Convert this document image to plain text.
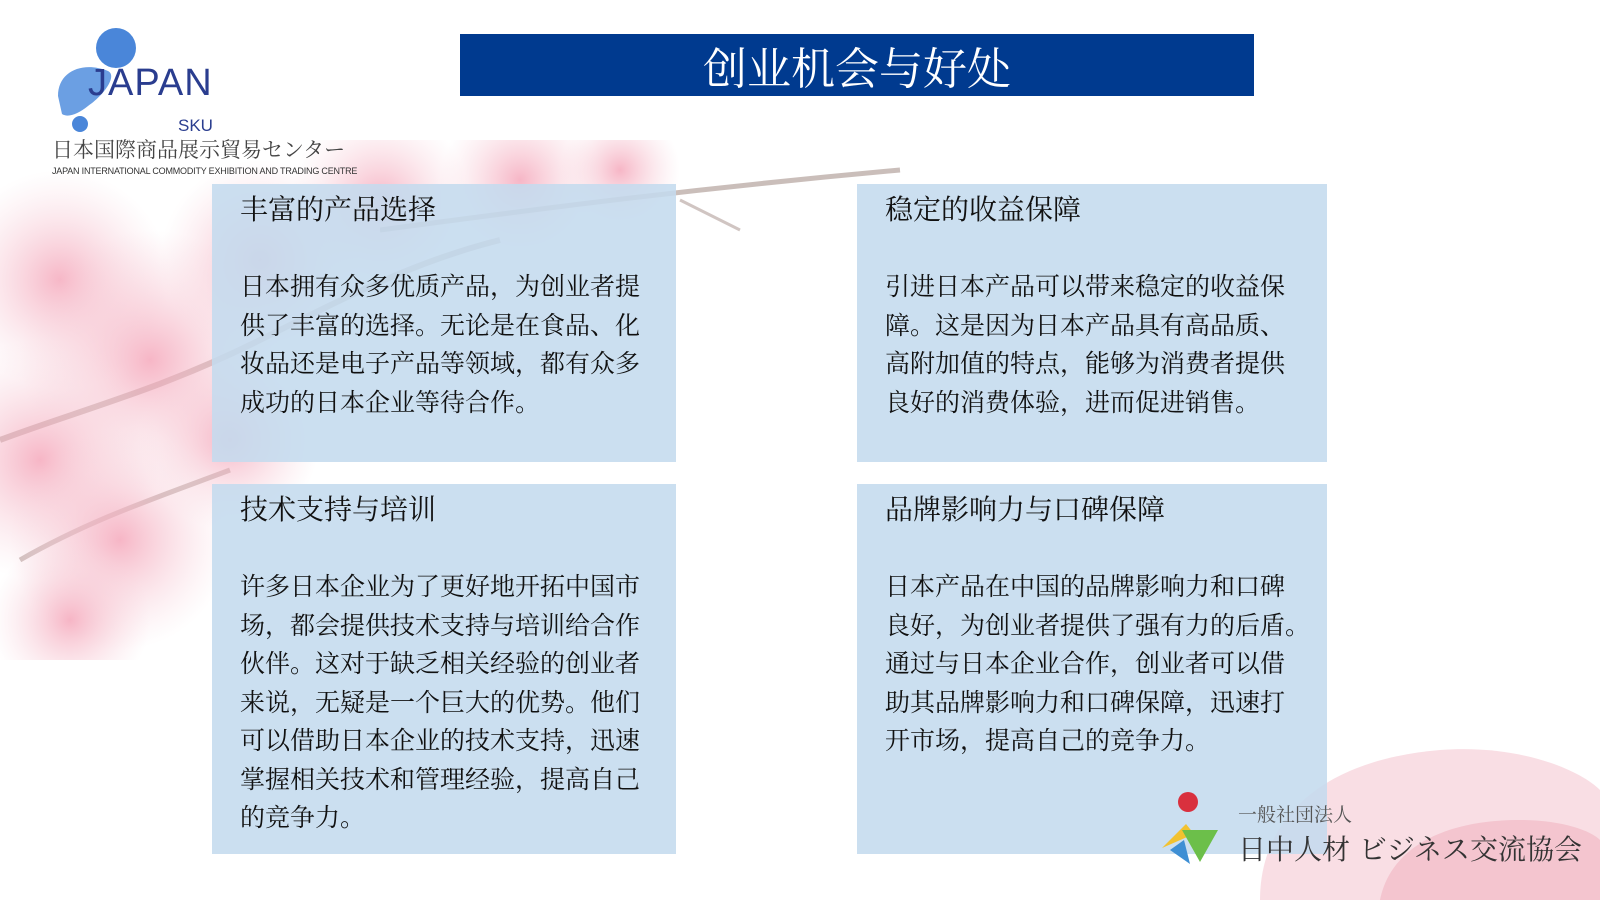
JAPAN
SKU
日本国際商品展示貿易センター
JAPAN INTERNATIONAL COMMODITY EXHIBITION AND TRADING CENTRE
创业机会与好处
丰富的产品选择

日本拥有众多优质产品，为创业者提
供了丰富的选择。无论是在食品、化
妆品还是电子产品等领域，都有众多
成功的日本企业等待合作。

稳定的收益保障

引进日本产品可以带来稳定的收益保
障。这是因为日本产品具有高品质、
高附加值的特点，能够为消费者提供
良好的消费体验，进而促进销售。

技术支持与培训

许多日本企业为了更好地开拓中国市
场，都会提供技术支持与培训给合作
伙伴。这对于缺乏相关经验的创业者
来说，无疑是一个巨大的优势。他们
可以借助日本企业的技术支持，迅速
掌握相关技术和管理经验，提高自己
的竞争力。

品牌影响力与口碑保障

日本产品在中国的品牌影响力和口碑
良好，为创业者提供了强有力的后盾。
通过与日本企业合作，创业者可以借
助其品牌影响力和口碑保障，迅速打
开市场，提高自己的竞争力。

一般社団法人
日中人材 ビジネス交流協会
